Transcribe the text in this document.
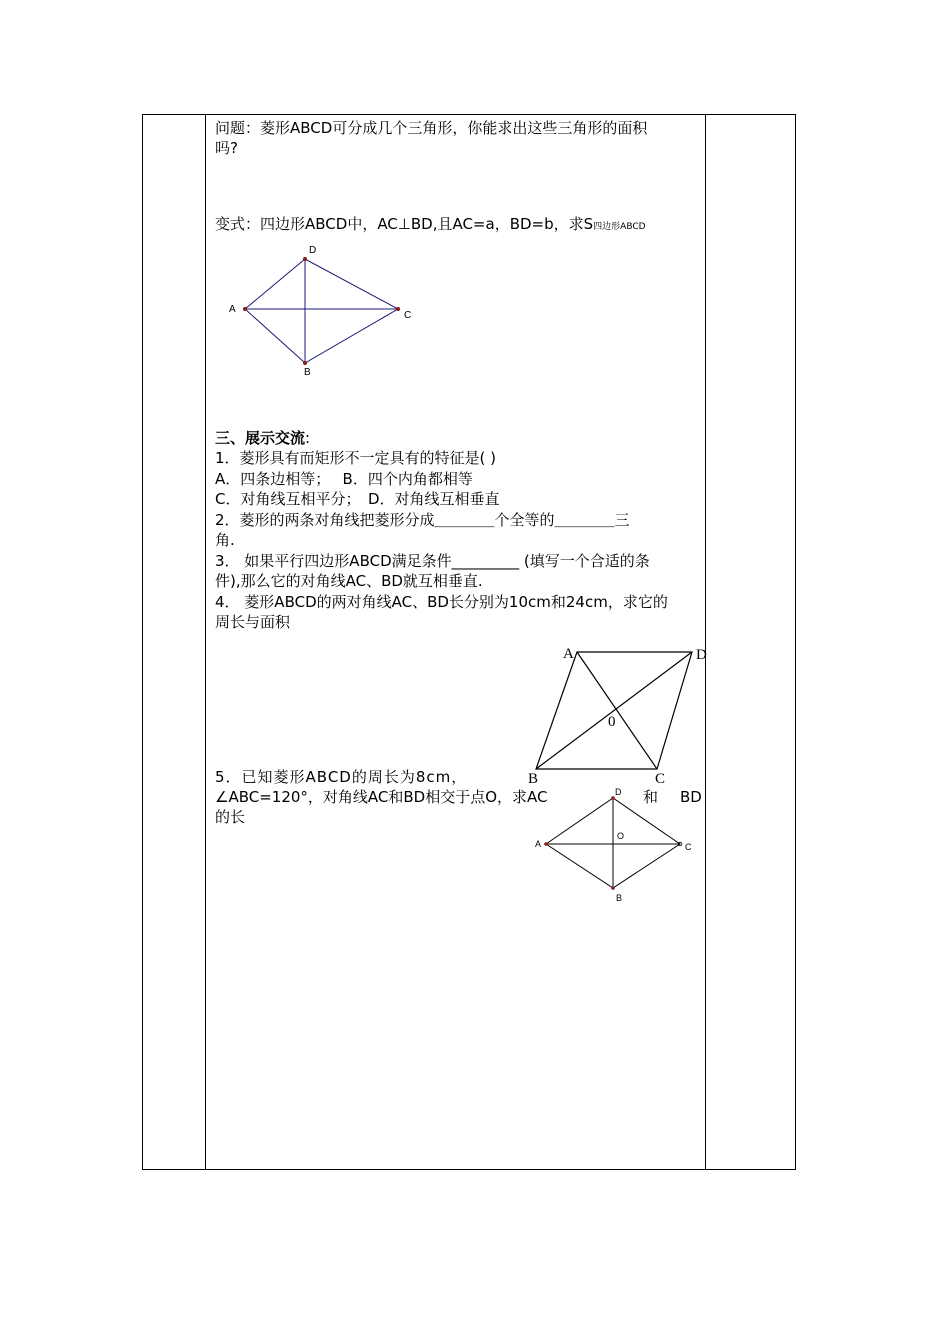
问题：菱形ABCD可分成几个三角形，你能求出这些三角形的面积
吗?
变式：四边形ABCD中，AC⊥BD,且AC=a，BD=b，求S四边形ABCD
D
A
C
B
三、展示交流:
1．菱形具有而矩形不一定具有的特征是( )
A．四条边相等；　 B．四个内角都相等
C．对角线互相平分；　D．对角线互相垂直
2．菱形的两条对角线把菱形分成＿＿＿＿个全等的＿＿＿＿三
角.
3． 如果平行四边形ABCD满足条件_________ (填写一个合适的条
件),那么它的对角线AC、BD就互相垂直.
4． 菱形ABCD的两对角线AC、BD长分别为10cm和24cm，求它的
周长与面积
A	D
0
B	C
5．已知菱形ABCD的周长为8cm，
∠ABC=120°，对角线AC和BD相交于点O，求AC	和 BD
的长
D
O
A	C
B
